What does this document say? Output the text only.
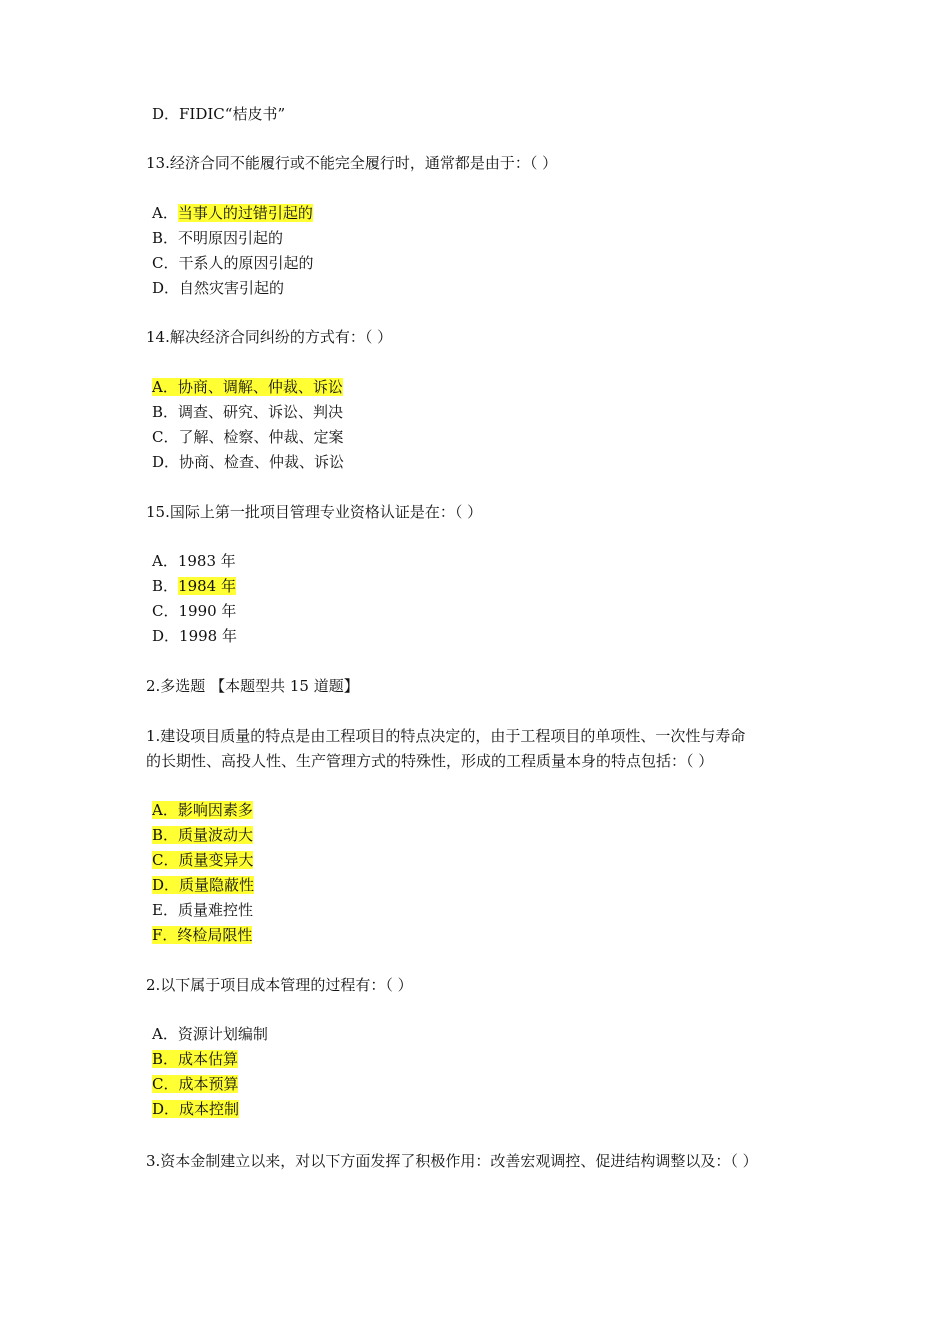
D．FIDIC“桔皮书”
13.经济合同不能履行或不能完全履行时，通常都是由于：（ ）
A．当事人的过错引起的
B．不明原因引起的
C．干系人的原因引起的
D．自然灾害引起的
14.解决经济合同纠纷的方式有：（ ）
A．协商、调解、仲裁、诉讼
B．调查、研究、诉讼、判决
C．了解、检察、仲裁、定案
D．协商、检查、仲裁、诉讼
15.国际上第一批项目管理专业资格认证是在：（ ）
A．1983 年
B．1984 年
C．1990 年
D．1998 年
2.多选题 【本题型共 15 道题】
1.建设项目质量的特点是由工程项目的特点决定的，由于工程项目的单项性、一次性与寿命
的长期性、高投人性、生产管理方式的特殊性，形成的工程质量本身的特点包括：（ ）
A．影响因素多
B．质量波动大
C．质量变异大
D．质量隐蔽性
E．质量难控性
F．终检局限性
2.以下属于项目成本管理的过程有：（ ）
A．资源计划编制
B．成本估算
C．成本预算
D．成本控制
3.资本金制建立以来，对以下方面发挥了积极作用：改善宏观调控、促进结构调整以及：（ ）
